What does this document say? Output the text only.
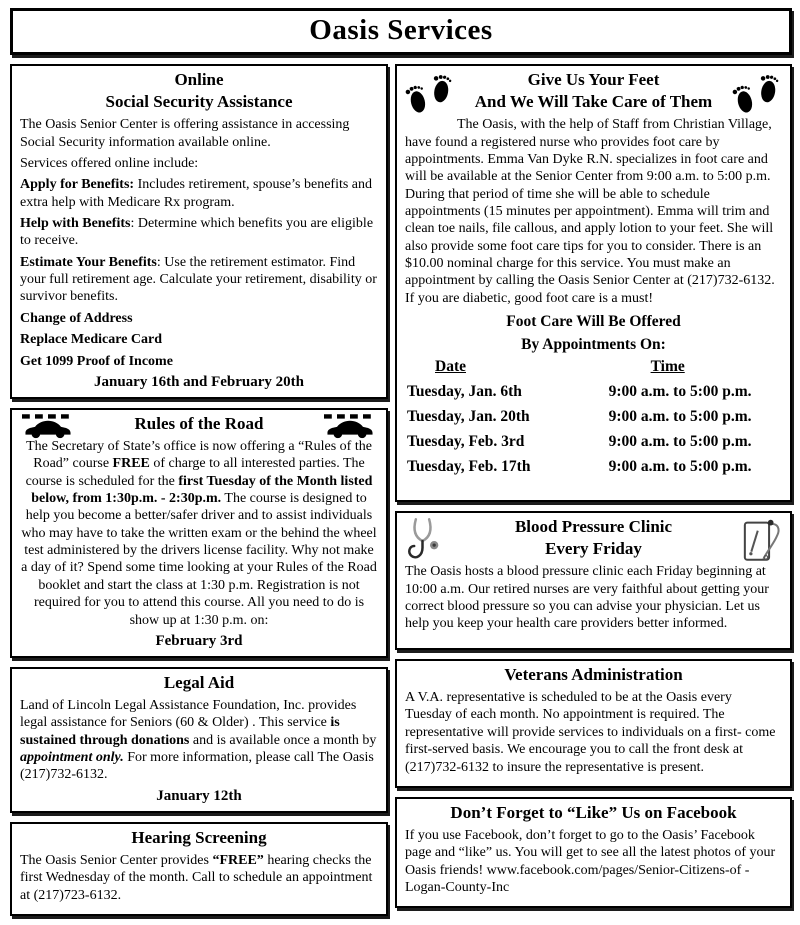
Oasis Services
Online
Social Security Assistance

The Oasis Senior Center is offering assistance in accessing Social Security information available online.

Services offered online include:

Apply for Benefits: Includes retirement, spouse’s benefits and extra help with Medicare Rx program.

Help with Benefits: Determine which benefits you are eligible to receive.

Estimate Your Benefits: Use the retirement estimator. Find your full retirement age. Calculate your retirement, disability or survivor benefits.

Change of Address

Replace Medicare Card

Get 1099 Proof of Income

January 16th and February 20th

Rules of the Road

The Secretary of State’s office is now offering a “Rules of the Road” course FREE of charge to all interested parties. The course is scheduled for the first Tuesday of the Month listed below, from 1:30p.m. - 2:30p.m. The course is designed to help you become a better/safer driver and to assist individuals who may have to take the written exam or the behind the wheel test administered by the drivers license facility. Why not make a day of it? Spend some time looking at your Rules of the Road booklet and start the class at 1:30 p.m. Registration is not required for you to attend this course. All you need to do is show up at 1:30 p.m. on:

February 3rd

Legal Aid

Land of Lincoln Legal Assistance Foundation, Inc. provides legal assistance for Seniors (60 & Older) . This service is sustained through donations and is available once a month by appointment only. For more information, please call The Oasis (217)732-6132.

January 12th

Hearing Screening

The Oasis Senior Center provides “FREE” hearing checks the first Wednesday of the month. Call to schedule an appointment at (217)723-6132.

Give Us Your Feet
And We Will Take Care of Them

The Oasis, with the help of Staff from Christian Village, have found a registered nurse who provides foot care by appointments. Emma Van Dyke R.N. specializes in foot care and will be available at the Senior Center from 9:00 a.m. to 5:00 p.m. During that period of time she will be able to schedule appointments (15 minutes per appointment). Emma will trim and clean toe nails, file callous, and apply lotion to your feet. She will also provide some foot care tips for you to consider. There is an $10.00 nominal charge for this service. You must make an appointment by calling the Oasis Senior Center at (217)732-6132. If you are diabetic, good foot care is a must!

Foot Care Will Be Offered
By Appointments On:
Date	Time
Tuesday, Jan. 6th	9:00 a.m. to 5:00 p.m.
Tuesday, Jan. 20th	9:00 a.m. to 5:00 p.m.
Tuesday, Feb. 3rd	9:00 a.m. to 5:00 p.m.
Tuesday, Feb. 17th	9:00 a.m. to 5:00 p.m.
Blood Pressure Clinic
Every Friday

The Oasis hosts a blood pressure clinic each Friday beginning at 10:00 a.m. Our retired nurses are very faithful about getting your correct blood pressure so you can advise your physician. Let us help you keep your health care providers better informed.

Veterans Administration

A V.A. representative is scheduled to be at the Oasis every Tuesday of each month. No appointment is required. The representative will provide services to individuals on a first- come first-served basis. We encourage you to call the front desk at (217)732-6132 to insure the representative is present.

Don’t Forget to “Like” Us on Facebook

If you use Facebook, don’t forget to go to the Oasis’ Facebook page and “like” us. You will get to see all the latest photos of your Oasis friends! www.facebook.com/pages/Senior-Citizens-of -Logan-County-Inc
